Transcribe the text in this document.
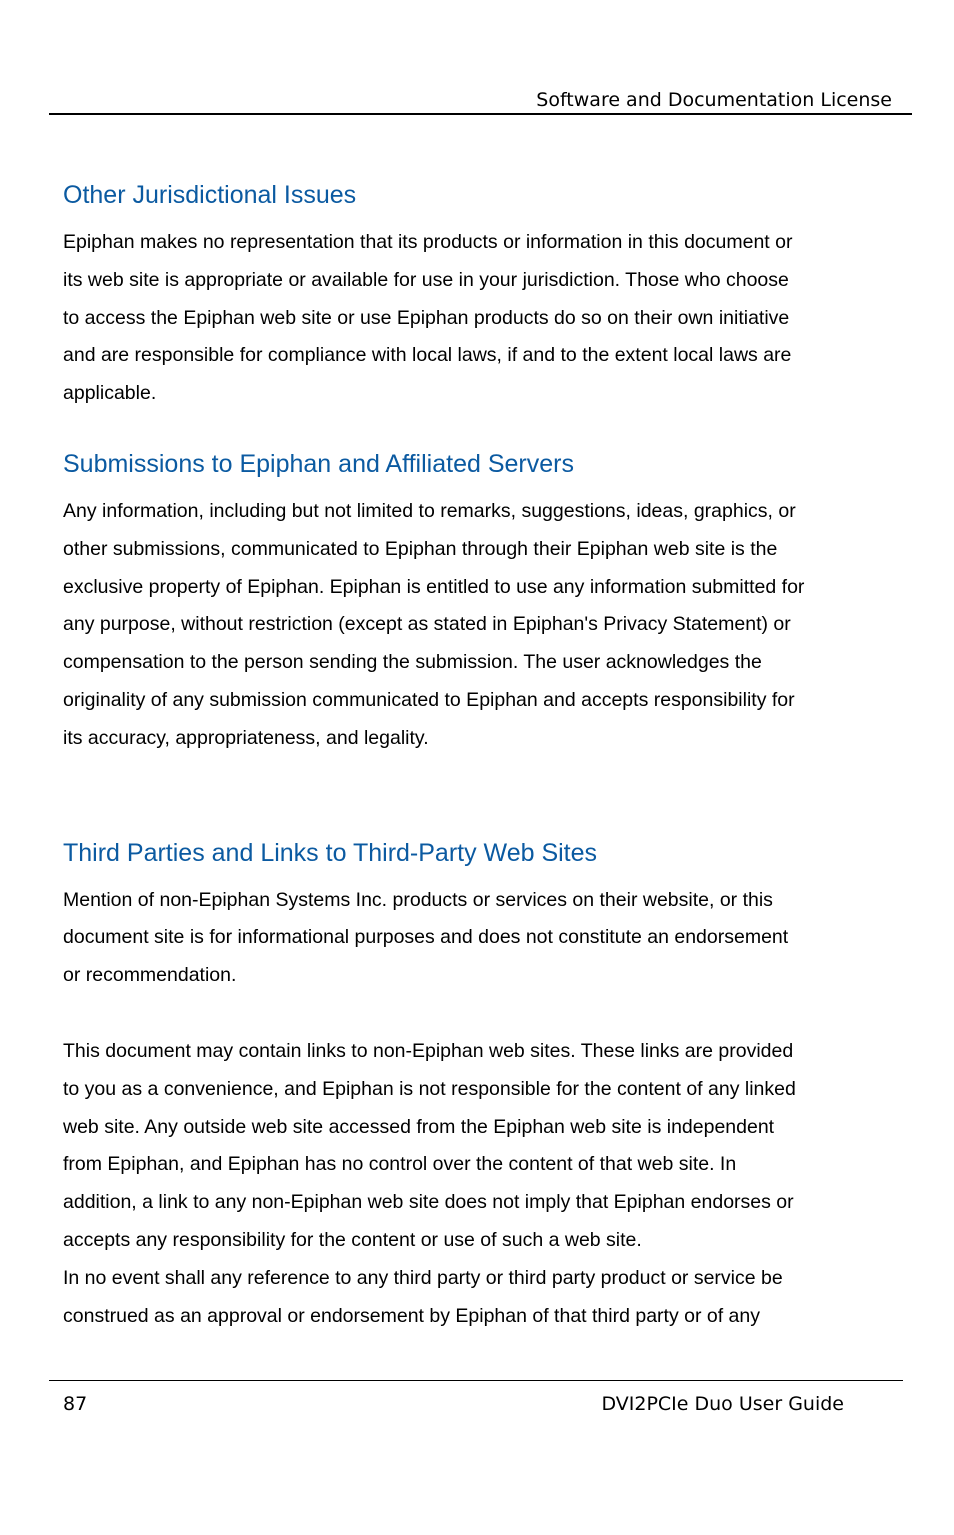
Software and Documentation License
Other Jurisdictional Issues

Epiphan makes no representation that its products or information in this document or
its web site is appropriate or available for use in your jurisdiction. Those who choose
to access the Epiphan web site or use Epiphan products do so on their own initiative
and are responsible for compliance with local laws, if and to the extent local laws are
applicable.

Submissions to Epiphan and Affiliated Servers

Any information, including but not limited to remarks, suggestions, ideas, graphics, or
other submissions, communicated to Epiphan through their Epiphan web site is the
exclusive property of Epiphan. Epiphan is entitled to use any information submitted for
any purpose, without restriction (except as stated in Epiphan's Privacy Statement) or
compensation to the person sending the submission. The user acknowledges the
originality of any submission communicated to Epiphan and accepts responsibility for
its accuracy, appropriateness, and legality.

Third Parties and Links to Third-Party Web Sites

Mention of non-Epiphan Systems Inc. products or services on their website, or this
document site is for informational purposes and does not constitute an endorsement
or recommendation.

This document may contain links to non-Epiphan web sites. These links are provided
to you as a convenience, and Epiphan is not responsible for the content of any linked
web site. Any outside web site accessed from the Epiphan web site is independent
from Epiphan, and Epiphan has no control over the content of that web site. In
addition, a link to any non-Epiphan web site does not imply that Epiphan endorses or
accepts any responsibility for the content or use of such a web site.

In no event shall any reference to any third party or third party product or service be
construed as an approval or endorsement by Epiphan of that third party or of any

87	DVI2PCIe Duo User Guide
